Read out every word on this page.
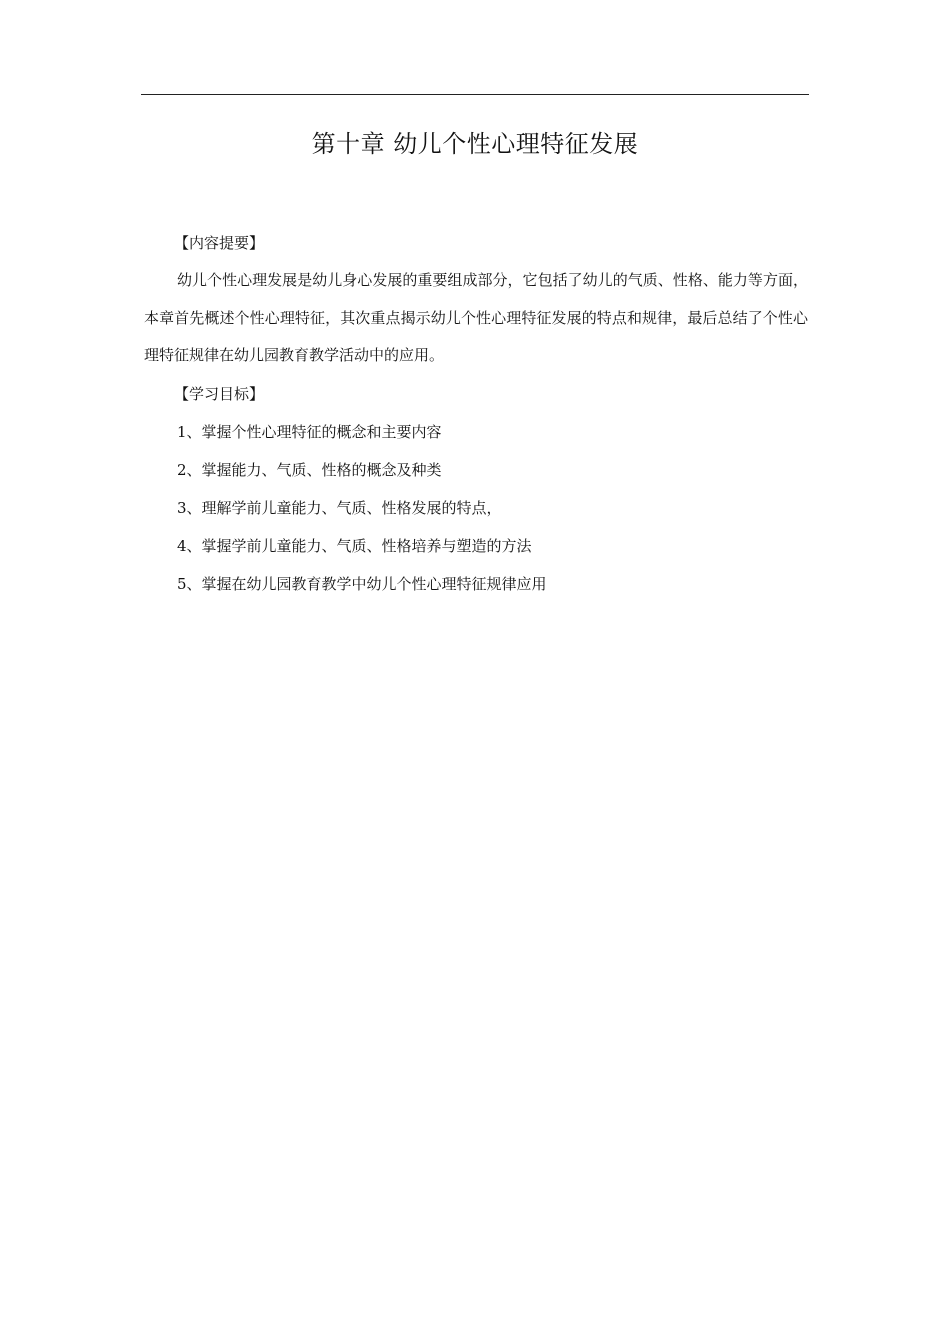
第十章 幼儿个性心理特征发展

【内容提要】

幼儿个性心理发展是幼儿身心发展的重要组成部分，它包括了幼儿的气质、性格、能力等方面，本章首先概述个性心理特征，其次重点揭示幼儿个性心理特征发展的特点和规律，最后总结了个性心理特征规律在幼儿园教育教学活动中的应用。

【学习目标】

1、掌握个性心理特征的概念和主要内容
2、掌握能力、气质、性格的概念及种类
3、理解学前儿童能力、气质、性格发展的特点，
4、掌握学前儿童能力、气质、性格培养与塑造的方法
5、掌握在幼儿园教育教学中幼儿个性心理特征规律应用
